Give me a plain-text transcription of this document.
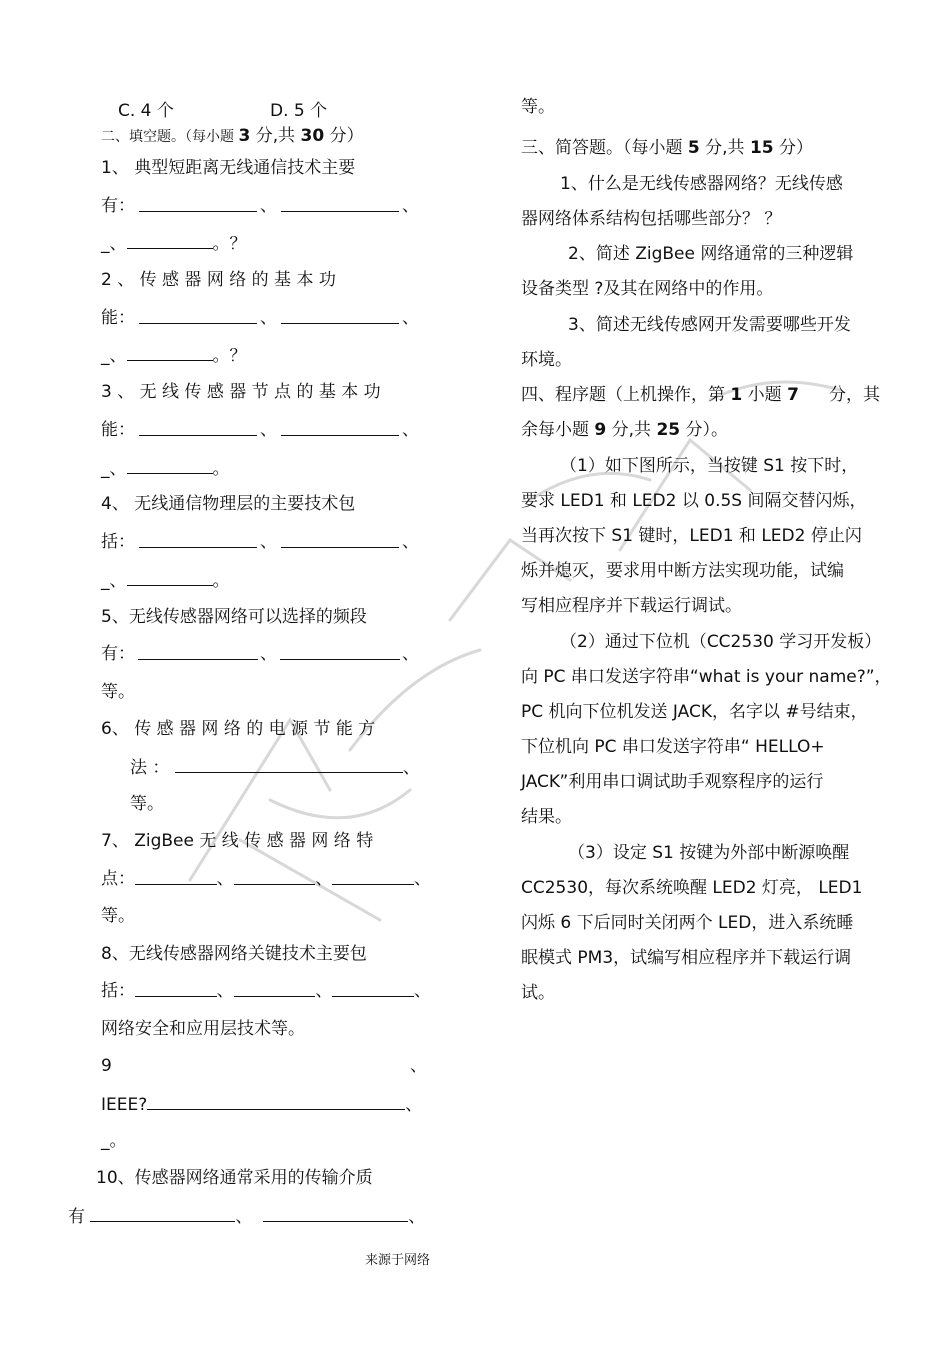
C. 4 个	D. 5 个
二、填空题。（每小题 3 分,共 30 分）
1、 典型短距离无线通信技术主要
有：	、	、
_、	。？
2 、 传 感 器 网 络 的 基 本 功
能：	、	、
_、	。？
3 、 无 线 传 感 器 节 点 的 基 本 功
能：	、	、
_、	。
4、 无线通信物理层的主要技术包
括：	、	、
_、	。
5、无线传感器网络可以选择的频段
有：	、	、
等。
6、 传 感 器 网 络 的 电 源 节 能 方
法 ：	、
等。
7、 ZigBee 无 线 传 感 器 网 络 特
点：	、	、	、
等。
8、无线传感器网络关键技术主要包
括：	、	、	、
网络安全和应用层技术等。
9	、
IEEE?	、
_。
10、传感器网络通常采用的传输介质
有	、	、
等。
三、简答题。（每小题 5 分,共 15 分）
1、什么是无线传感器网络？无线传感
器网络体系结构包括哪些部分？ ？
2、简述 ZigBee 网络通常的三种逻辑
设备类型 ?及其在网络中的作用。
3、简述无线传感网开发需要哪些开发
环境。
四、程序题（上机操作，第 1 小题 7 分，其
余每小题 9 分,共 25 分）。
（1）如下图所示，当按键 S1 按下时，
要求 LED1 和 LED2 以 0.5S 间隔交替闪烁，
当再次按下 S1 键时，LED1 和 LED2 停止闪
烁并熄灭，要求用中断方法实现功能，试编
写相应程序并下载运行调试。
（2）通过下位机（CC2530 学习开发板）
向 PC 串口发送字符串“what is your name?”，
PC 机向下位机发送 JACK，名字以 #号结束，
下位机向 PC 串口发送字符串“ HELLO+
JACK”利用串口调试助手观察程序的运行
结果。
（3）设定 S1 按键为外部中断源唤醒
CC2530，每次系统唤醒 LED2 灯亮， LED1
闪烁 6 下后同时关闭两个 LED，进入系统睡
眠模式 PM3，试编写相应程序并下载运行调
试。
来源于网络
